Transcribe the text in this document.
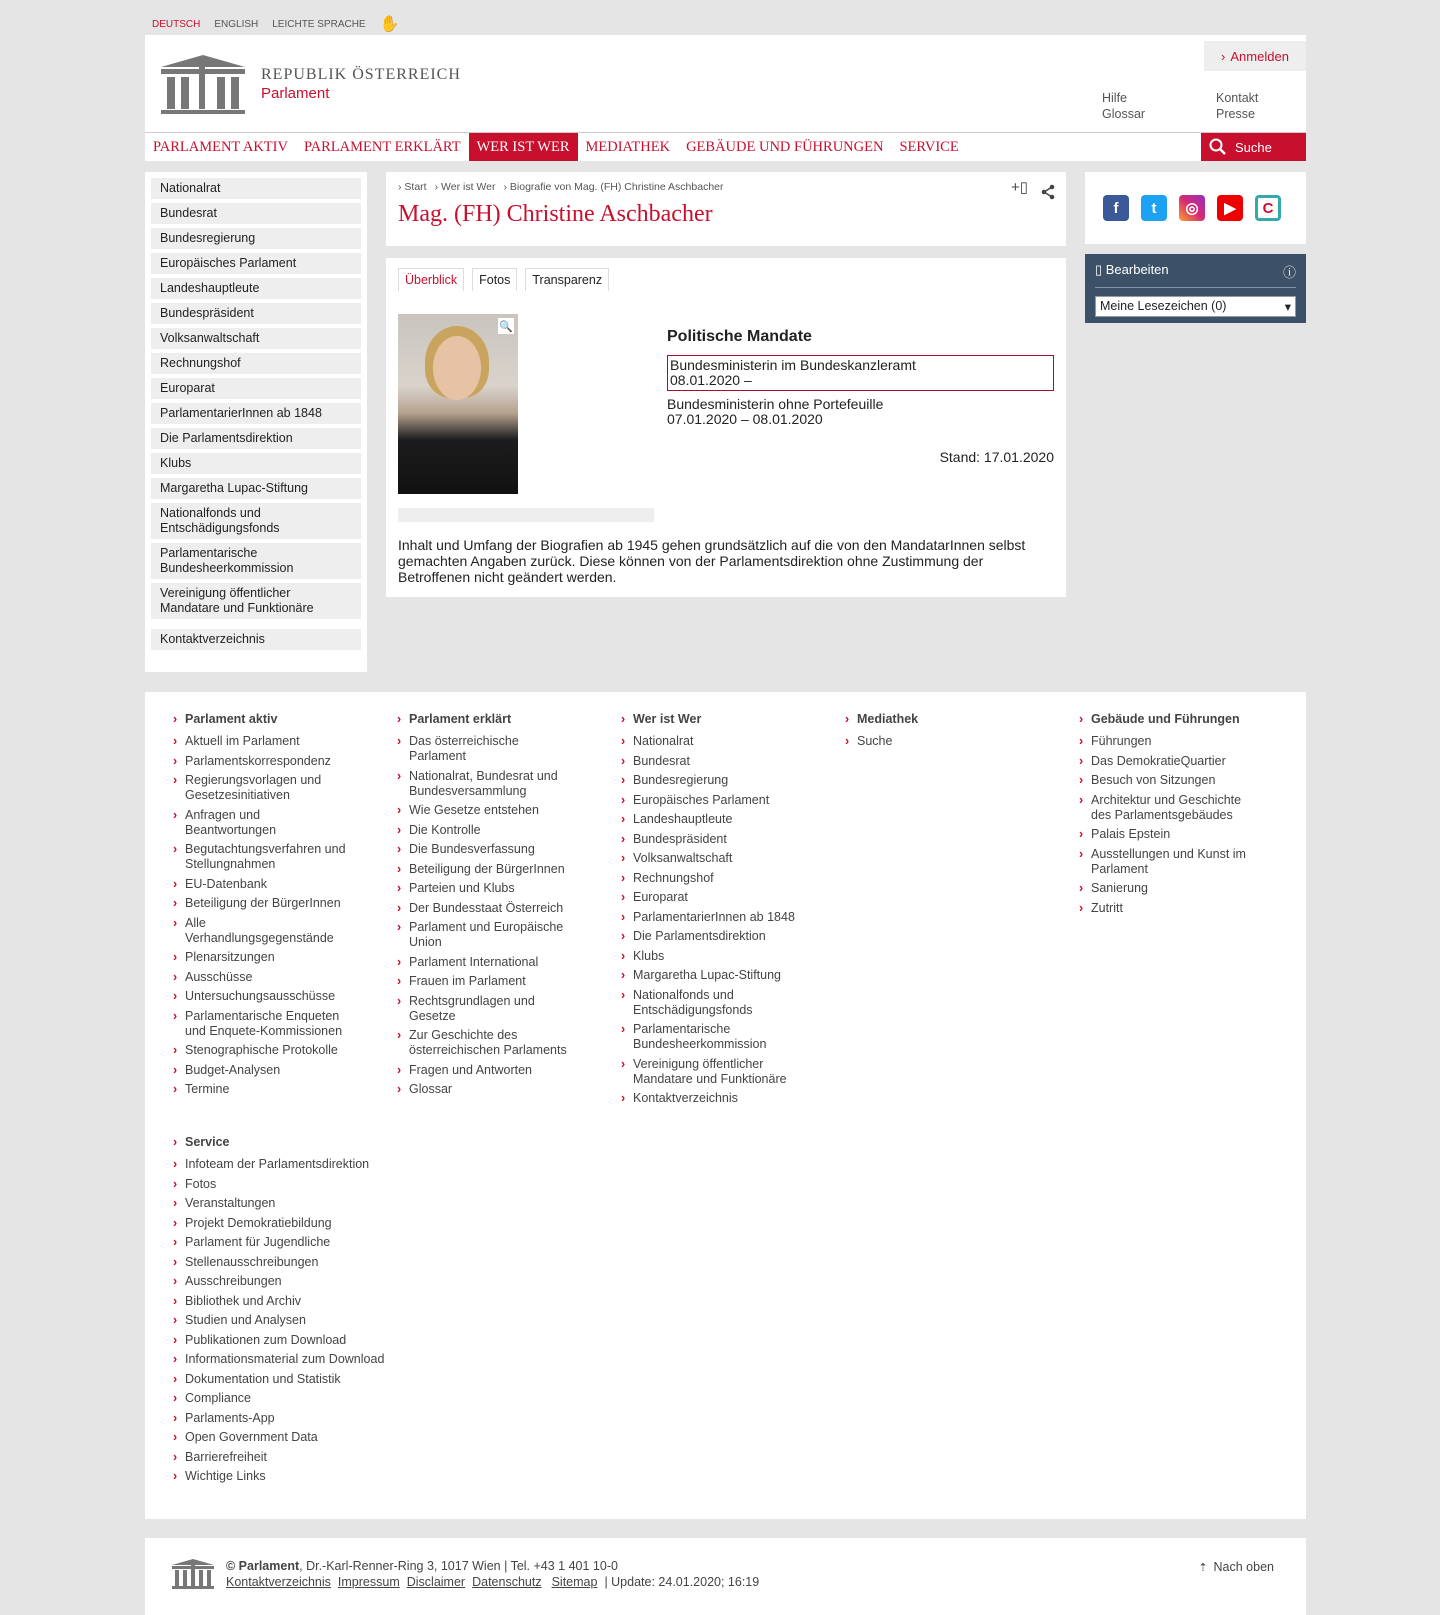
DEUTSCH ENGLISH LEICHTE SPRACHE ✋
REPUBLIK ÖSTERREICH
Parlament
› Anmelden
Hilfe	Kontakt
Glossar	Presse
PARLAMENT AKTIV	PARLAMENT ERKLÄRT	WER IST WER	MEDIATHEK	GEBÄUDE UND FÜHRUNGEN	SERVICE	Suche
Nationalrat
Bundesrat
Bundesregierung
Europäisches Parlament
Landeshauptleute
Bundespräsident
Volksanwaltschaft
Rechnungshof
Europarat
ParlamentarierInnen ab 1848
Die Parlamentsdirektion
Klubs
Margaretha Lupac-Stiftung
Nationalfonds und Entschädigungsfonds
Parlamentarische Bundesheerkommission
Vereinigung öffentlicher Mandatare und Funktionäre
Kontaktverzeichnis
› Start	› Wer ist Wer	› Biografie von Mag. (FH) Christine Aschbacher
Mag. (FH) Christine Aschbacher
+▯
Überblick	Fotos	Transparenz
🔍
Politische Mandate
Bundesministerin im Bundeskanzleramt
08.01.2020 –
Bundesministerin ohne Portefeuille
07.01.2020 – 08.01.2020
Stand: 17.01.2020
Inhalt und Umfang der Biografien ab 1945 gehen grundsätzlich auf die von den MandatarInnen selbst gemachten Angaben zurück. Diese können von der Parlamentsdirektion ohne Zustimmung der Betroffenen nicht geändert werden.
f	t	◎	▶	C
▯ Bearbeiten	ⓘ
Meine Lesezeichen (0)	▾
› Parlament aktiv
› Aktuell im Parlament
› Parlamentskorrespondenz
› Regierungsvorlagen und Gesetzesinitiativen
› Anfragen und Beantwortungen
› Begutachtungsverfahren und Stellungnahmen
› EU-Datenbank
› Beteiligung der BürgerInnen
› Alle Verhandlungsgegenstände
› Plenarsitzungen
› Ausschüsse
› Untersuchungsausschüsse
› Parlamentarische Enqueten und Enquete-Kommissionen
› Stenographische Protokolle
› Budget-Analysen
› Termine
› Parlament erklärt
› Das österreichische Parlament
› Nationalrat, Bundesrat und Bundesversammlung
› Wie Gesetze entstehen
› Die Kontrolle
› Die Bundesverfassung
› Beteiligung der BürgerInnen
› Parteien und Klubs
› Der Bundesstaat Österreich
› Parlament und Europäische Union
› Parlament International
› Frauen im Parlament
› Rechtsgrundlagen und Gesetze
› Zur Geschichte des österreichischen Parlaments
› Fragen und Antworten
› Glossar
› Wer ist Wer
› Nationalrat
› Bundesrat
› Bundesregierung
› Europäisches Parlament
› Landeshauptleute
› Bundespräsident
› Volksanwaltschaft
› Rechnungshof
› Europarat
› ParlamentarierInnen ab 1848
› Die Parlamentsdirektion
› Klubs
› Margaretha Lupac-Stiftung
› Nationalfonds und Entschädigungsfonds
› Parlamentarische Bundesheerkommission
› Vereinigung öffentlicher Mandatare und Funktionäre
› Kontaktverzeichnis
› Mediathek
› Suche
› Gebäude und Führungen
› Führungen
› Das DemokratieQuartier
› Besuch von Sitzungen
› Architektur und Geschichte des Parlamentsgebäudes
› Palais Epstein
› Ausstellungen und Kunst im Parlament
› Sanierung
› Zutritt
› Service
› Infoteam der Parlamentsdirektion
› Fotos
› Veranstaltungen
› Projekt Demokratiebildung
› Parlament für Jugendliche
› Stellenausschreibungen
› Ausschreibungen
› Bibliothek und Archiv
› Studien und Analysen
› Publikationen zum Download
› Informationsmaterial zum Download
› Dokumentation und Statistik
› Compliance
› Parlaments-App
› Open Government Data
› Barrierefreiheit
› Wichtige Links
© Parlament, Dr.-Karl-Renner-Ring 3, 1017 Wien | Tel. +43 1 401 10-0
Kontaktverzeichnis Impressum Disclaimer Datenschutz Sitemap | Update: 24.01.2020; 16:19
⇡ Nach oben
